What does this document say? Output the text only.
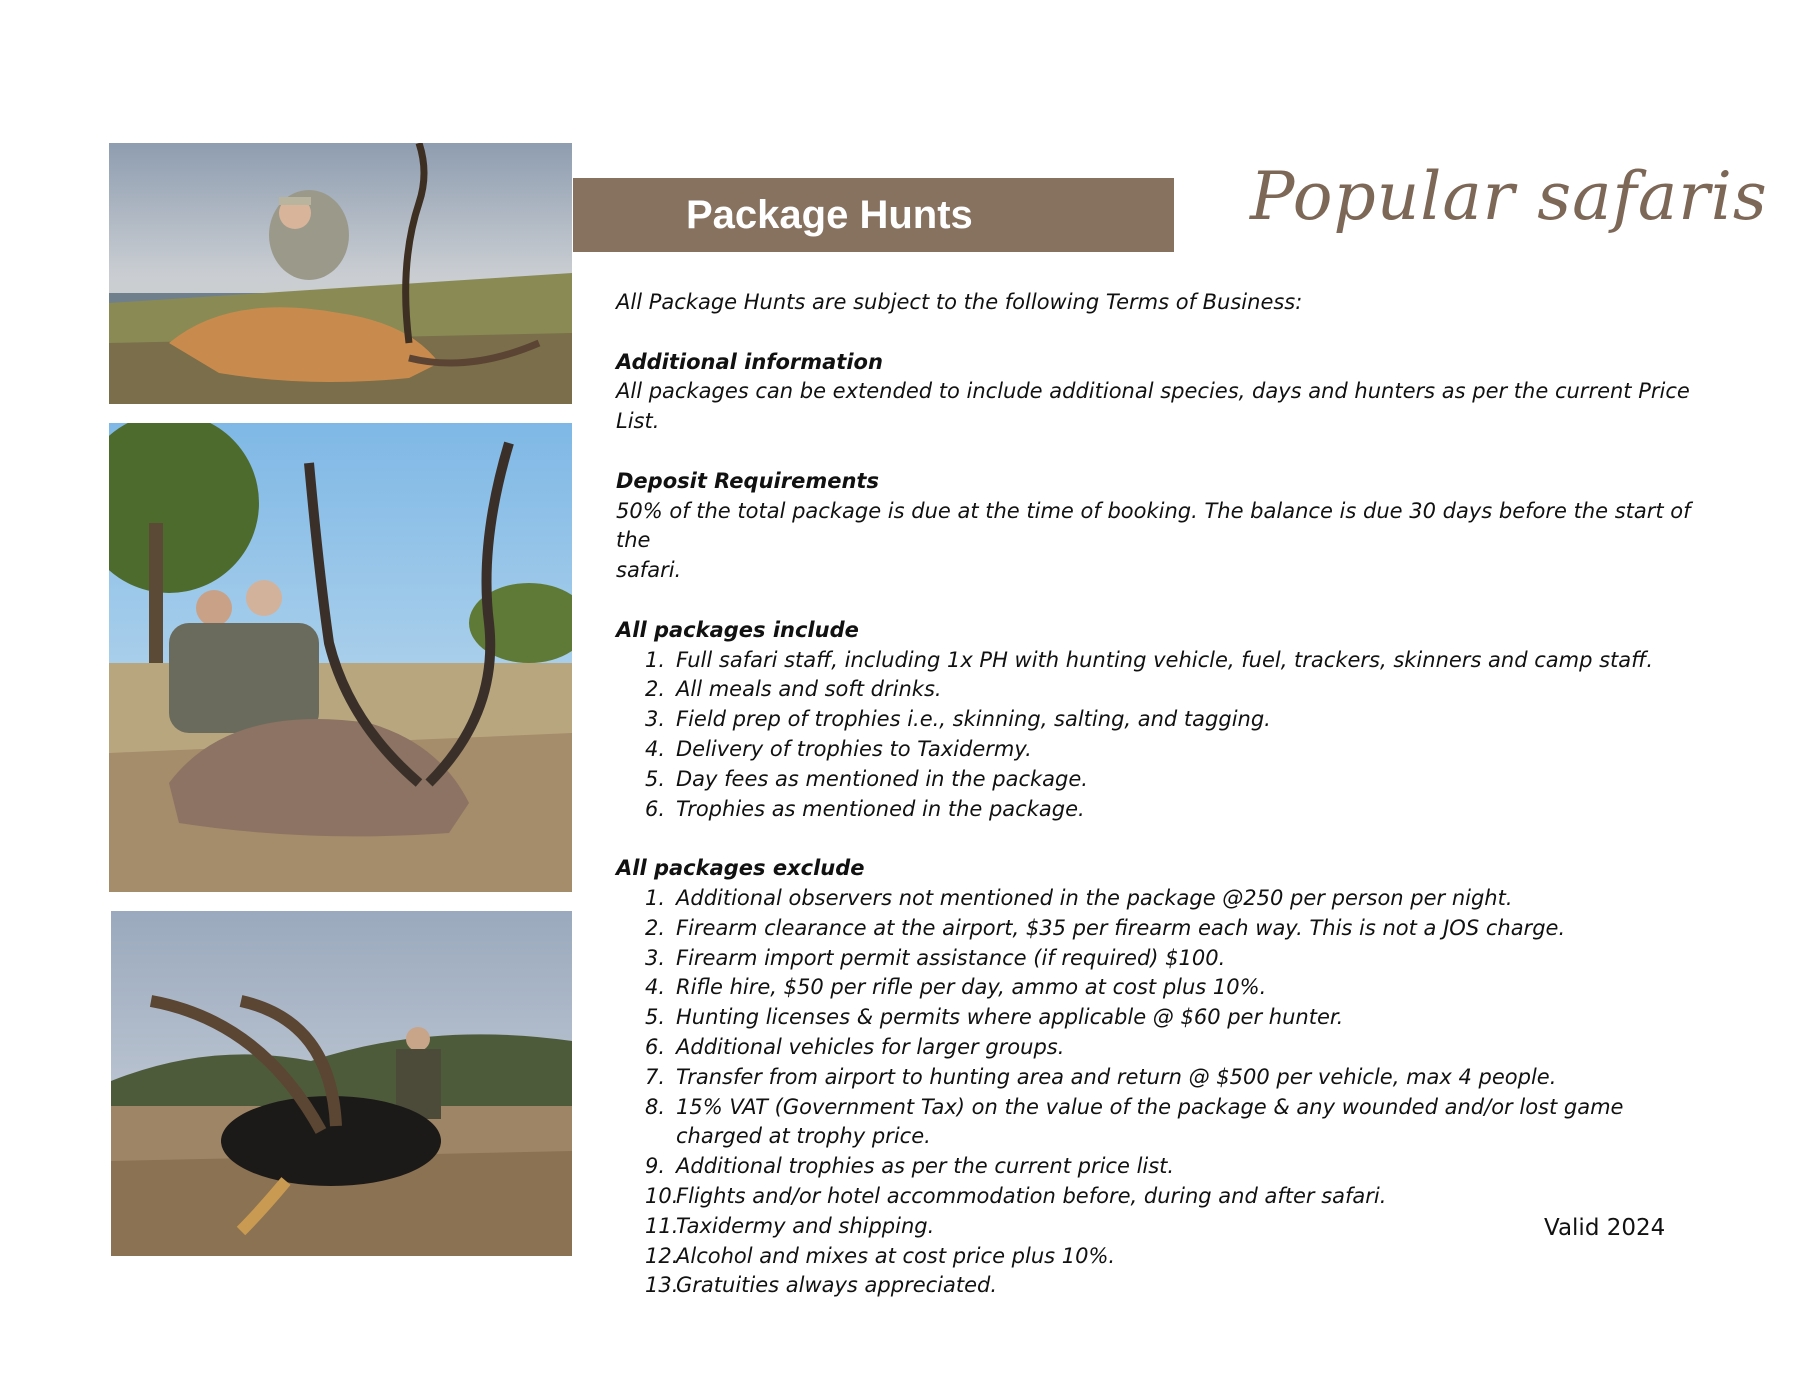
Package Hunts	Popular safaris

All Package Hunts are subject to the following Terms of Business:

Additional information

All packages can be extended to include additional species, days and hunters as per the current Price List.

Deposit Requirements

50% of the total package is due at the time of booking. The balance is due 30 days before the start of the

safari.

All packages include

1. Full safari staff, including 1x PH with hunting vehicle, fuel, trackers, skinners and camp staff.
2. All meals and soft drinks.
3. Field prep of trophies i.e., skinning, salting, and tagging.
4. Delivery of trophies to Taxidermy.
5. Day fees as mentioned in the package.
6. Trophies as mentioned in the package.

All packages exclude

1. Additional observers not mentioned in the package @250 per person per night.
2. Firearm clearance at the airport, $35 per firearm each way. This is not a JOS charge.
3. Firearm import permit assistance (if required) $100.
4. Rifle hire, $50 per rifle per day, ammo at cost plus 10%.
5. Hunting licenses & permits where applicable @ $60 per hunter.
6. Additional vehicles for larger groups.
7. Transfer from airport to hunting area and return @ $500 per vehicle, max 4 people.
8. 15% VAT (Government Tax) on the value of the package & any wounded and/or lost game charged at trophy price.
9. Additional trophies as per the current price list.
10.
Flights and/or hotel accommodation before, during and after safari.
11.
Taxidermy and shipping.
12.
Alcohol and mixes at cost price plus 10%.
13.
Gratuities always appreciated.
Valid 2024
